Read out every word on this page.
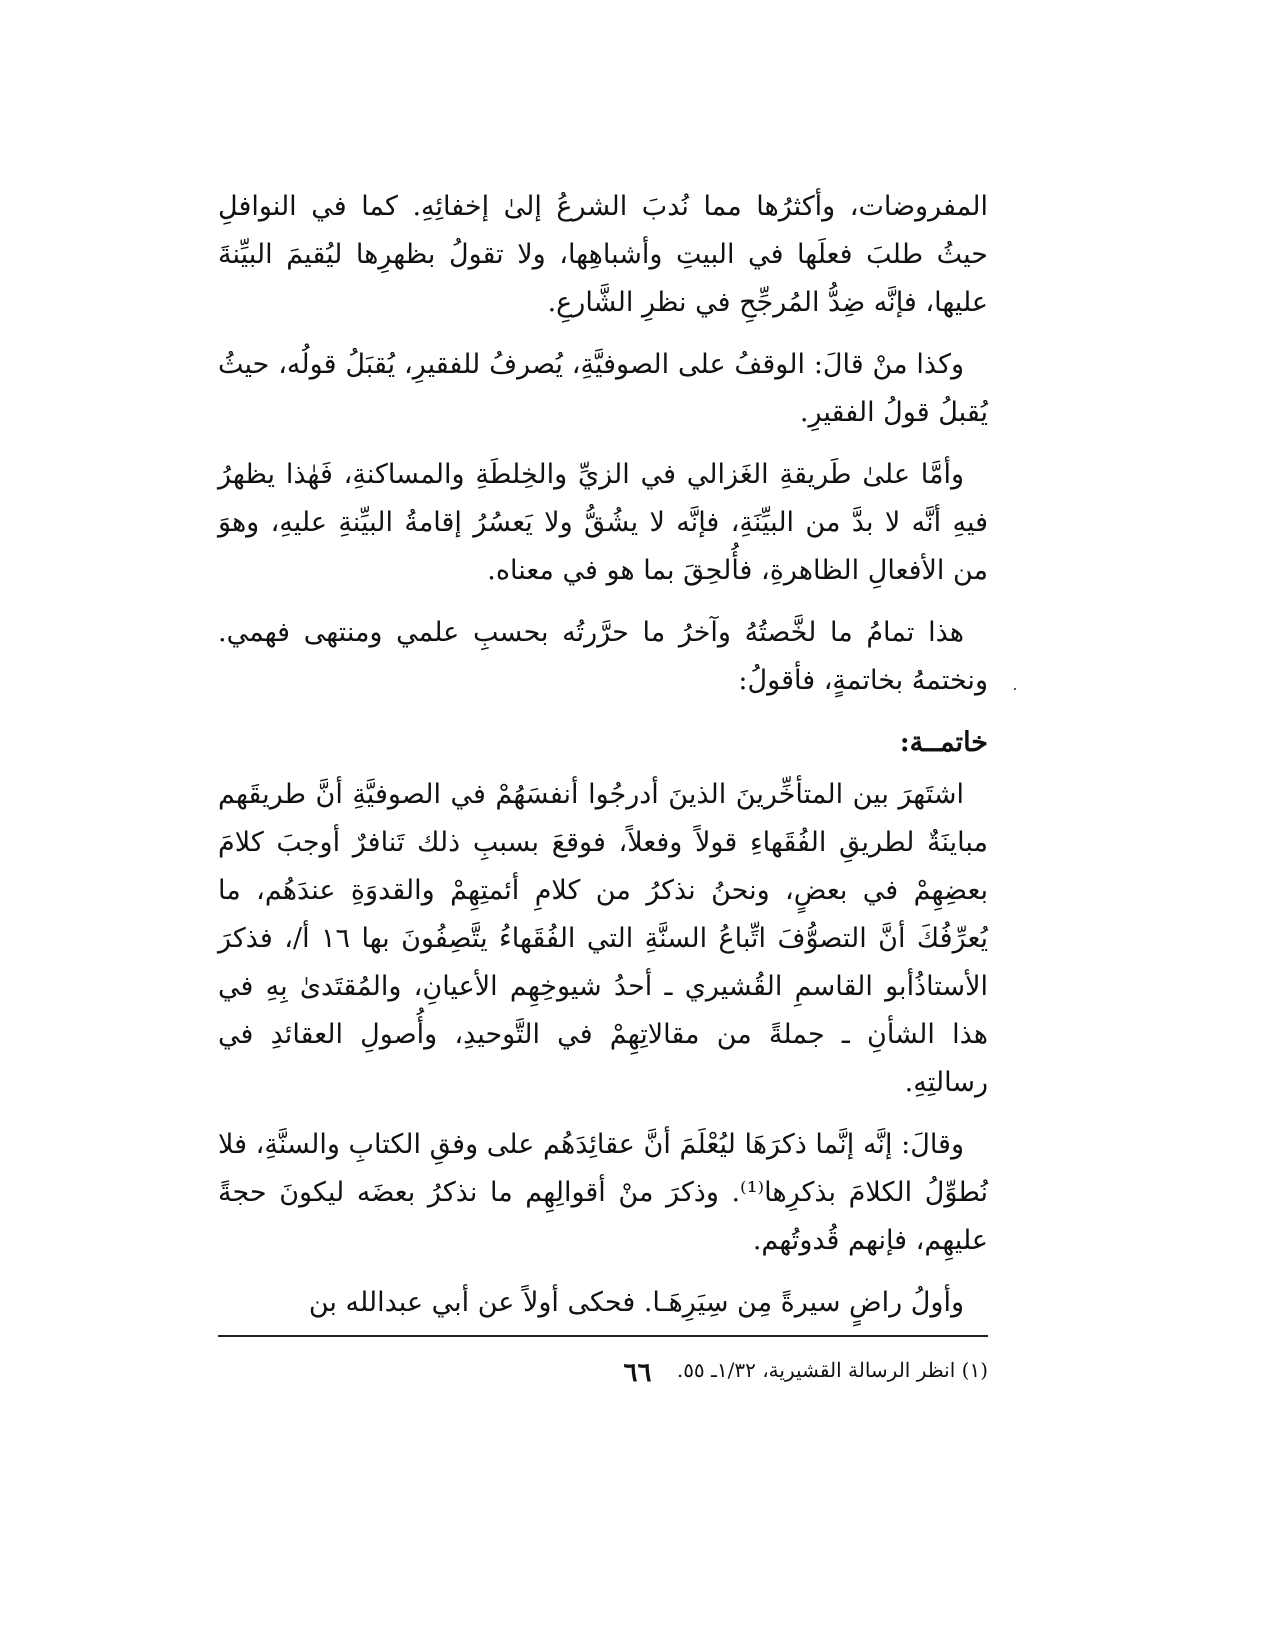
المفروضات، وأكثرُها مما نُدبَ الشرعُ إلىٰ إخفائِهِ. كما في النوافلِ حيثُ طلبَ فعلَها في البيتِ وأشباهِها، ولا تقولُ بظهرِها ليُقيمَ البيِّنةَ عليها، فإنَّه ضِدُّ المُرجِّحِ في نظرِ الشَّارعِ.

وكذا منْ قالَ: الوقفُ على الصوفيَّةِ، يُصرفُ للفقيرِ، يُقبَلُ قولُه، حيثُ يُقبلُ قولُ الفقيرِ.

وأمَّا علىٰ طَريقةِ الغَزالي في الزيِّ والخِلطَةِ والمساكنةِ، فَهٰذا يظهرُ فيهِ أنَّه لا بدَّ من البيِّنَةِ، فإنَّه لا يشُقُّ ولا يَعسُرُ إقامةُ البيِّنةِ عليهِ، وهوَ من الأفعالِ الظاهرةِ، فأُلحِقَ بما هو في معناه.

هذا تمامُ ما لخَّصتُهُ وآخرُ ما حرَّرتُه بحسبِ علمي ومنتهى فهمي. ونختمهُ بخاتمةٍ، فأقولُ:

خاتمــة:

اشتَهرَ بين المتأخِّرينَ الذينَ أدرجُوا أنفسَهُمْ في الصوفيَّةِ أنَّ طريقَهم مباينَةٌ لطريقِ الفُقَهاءِ قولاً وفعلاً، فوقعَ بسببِ ذلك تَنافرٌ أوجبَ كلامَ بعضِهِمْ في بعضٍ، ونحنُ نذكرُ من كلامِ أئمتِهِمْ والقدوَةِ عندَهُم، ما يُعرِّفُكَ أنَّ التصوُّفَ اتِّباعُ السنَّةِ التي الفُقَهاءُ يتَّصِفُونَ بها ١٦ أ/، فذكرَ الأستاذُأبو القاسمِ القُشيري ـ أحدُ شيوخِهِم الأعيانِ، والمُقتَدىٰ بِهِ في هذا الشأنِ ـ جملةً من مقالاتِهِمْ في التَّوحيدِ، وأُصولِ العقائدِ في رسالتِهِ.

وقالَ: إنَّه إنَّما ذكرَهَا ليُعْلَمَ أنَّ عقائِدَهُم على وفقِ الكتابِ والسنَّةِ، فلا نُطوِّلُ الكلامَ بذكرِها⁽¹⁾. وذكرَ منْ أقوالِهِم ما نذكرُ بعضَه ليكونَ حجةً عليهِم، فإنهم قُدوتُهم.

وأولُ راضٍ سيرةً مِن سِيَرِهَـا. فحكى أولاً عن أبي عبدالله بن

(١) انظر الرسالة القشيرية، ١/٣٢ـ ٥٥.
٦٦
